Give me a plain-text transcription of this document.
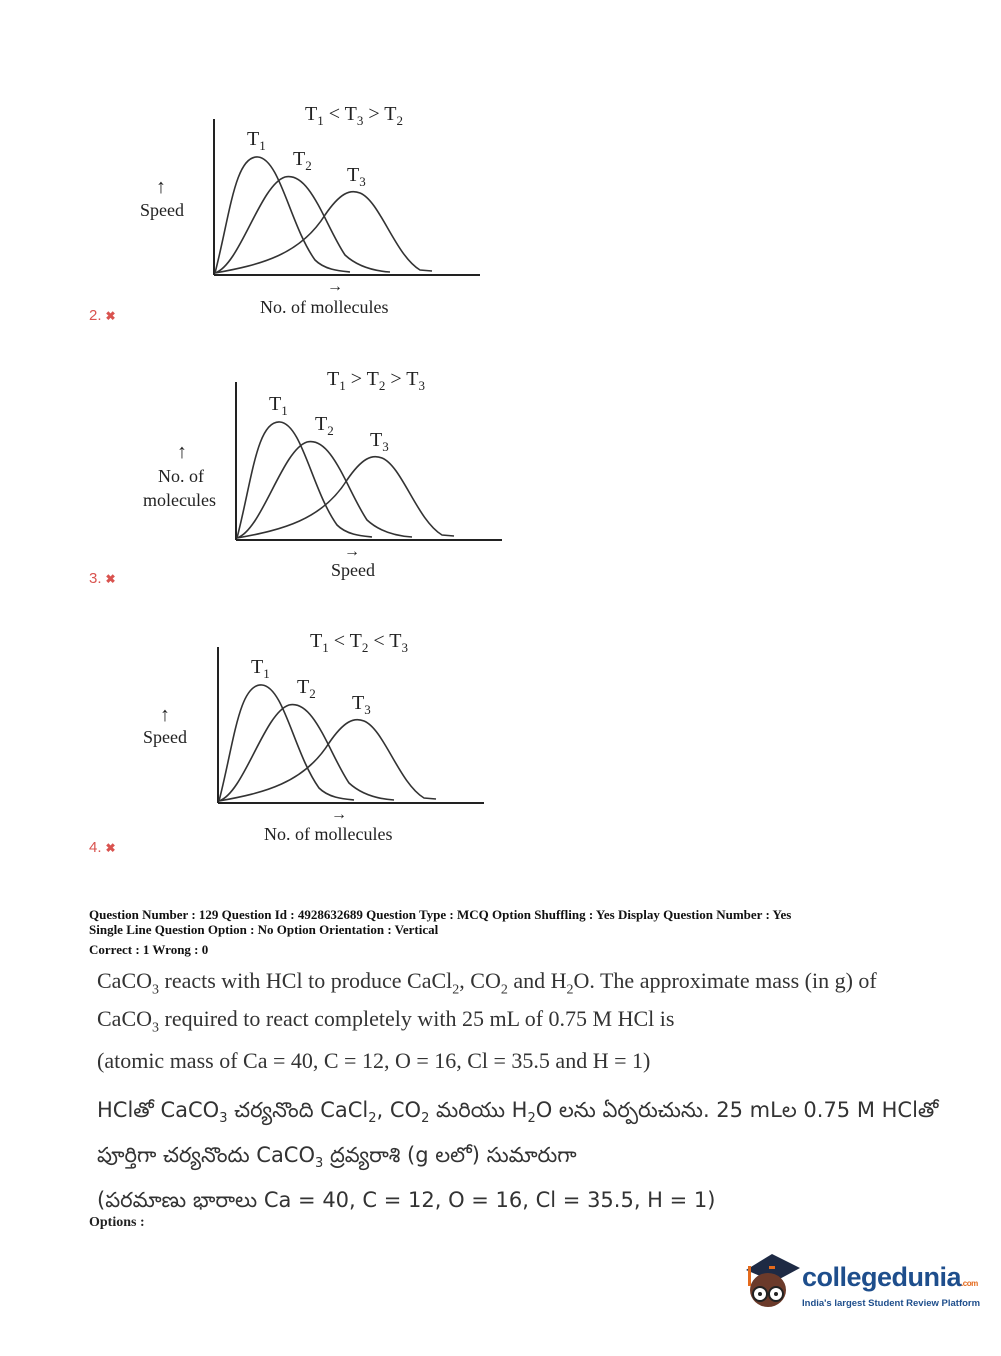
$T_1 < T_3 > T_2$
$T_1$
$T_2$ $T_3$
↑
Speed
→
No. of mollecules
2. ✖
$T_1 > T_2 > T_3$
$T_1$
$T_2$ $T_3$
↑
No. of
molecules
→
Speed
3. ✖
$T_1 < T_2 < T_3$
$T_1$
$T_2$ $T_3$
↑
Speed
→
No. of mollecules
4. ✖
Question Number : 129 Question Id : 4928632689 Question Type : MCQ Option Shuffling : Yes Display Question Number : Yes
Single Line Question Option : No Option Orientation : Vertical
Correct : 1 Wrong : 0
CaCO$_3$ reacts with HCl to produce CaCl$_2$, $CO_2$ and $H_2O$. The approximate mass (in g) of
CaCO$_3$ required to react completely with 25 mL of 0.75 M HCl is
(atomic mass of Ca = 40, C = 12, O = 16, Cl = 35.5 and H = 1)
HClతో CaCO$_3$ చర్యనొంది CaCl$_2$, $CO_2$ మరియు $H_2O$ లను ఏర్పరుచును. 25 mLల 0.75 M HClతో
పూర్తిగా చర్యనొందు CaCO$_3$ ద్రవ్యరాశి (g లలో) సుమారుగా
(పరమాణు భారాలు Ca = 40, C = 12, O = 16, Cl = 35.5, H = 1)
Options :
collegedunia.com
India's largest Student Review Platform
